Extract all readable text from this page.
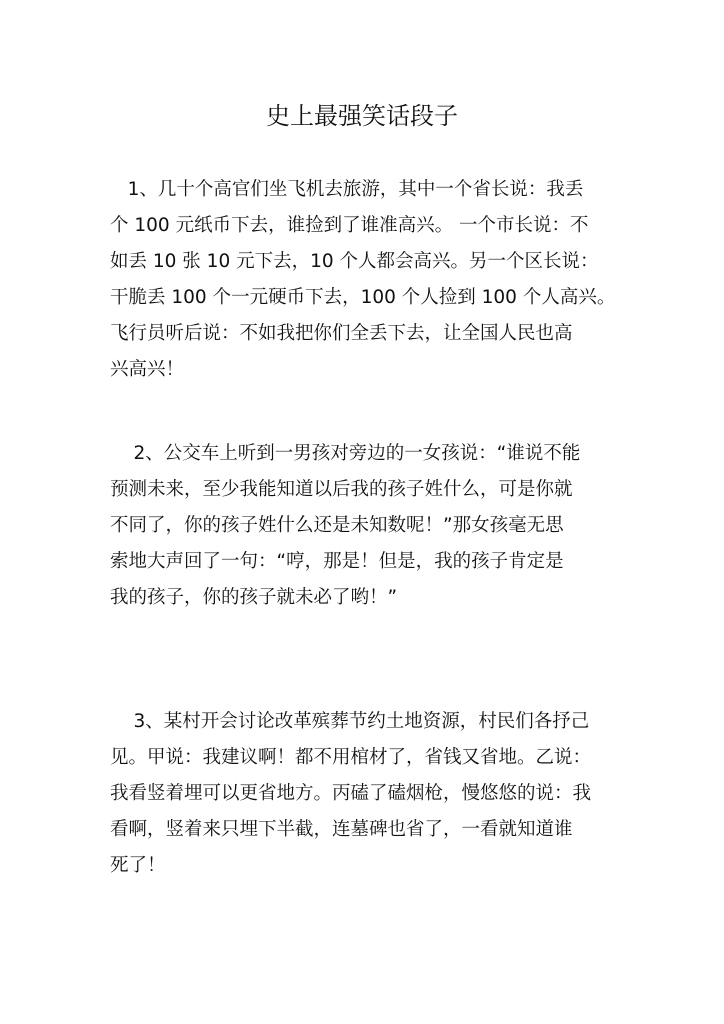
史上最强笑话段子
1、几十个高官们坐飞机去旅游，其中一个省长说：我丢
个 100 元纸币下去，谁捡到了谁准高兴。 一个市长说：不
如丢 10 张 10 元下去，10 个人都会高兴。另一个区长说：
干脆丢 100 个一元硬币下去，100 个人捡到 100 个人高兴。
飞行员听后说：不如我把你们全丢下去，让全国人民也高
兴高兴！
2、公交车上听到一男孩对旁边的一女孩说：“谁说不能
预测未来，至少我能知道以后我的孩子姓什么，可是你就
不同了，你的孩子姓什么还是未知数呢！”那女孩毫无思
索地大声回了一句：“哼，那是！但是，我的孩子肯定是
我的孩子，你的孩子就未必了哟！”
3、某村开会讨论改革殡葬节约土地资源，村民们各抒己
见。甲说：我建议啊！都不用棺材了，省钱又省地。乙说：
我看竖着埋可以更省地方。丙磕了磕烟枪，慢悠悠的说：我
看啊，竖着来只埋下半截，连墓碑也省了，一看就知道谁
死了！
